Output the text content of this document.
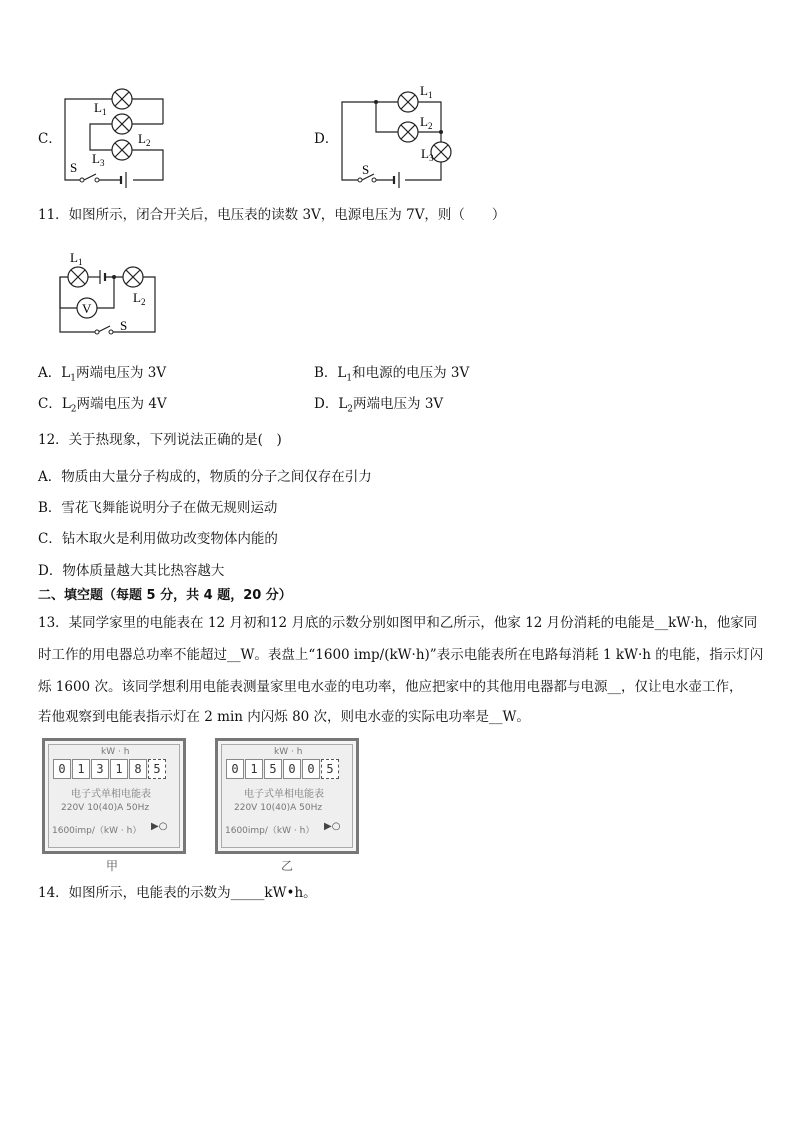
C．
$L_1$
$L_2$
$L_3$
S
D．
$L_1$
$L_2$
$L_3$
S
11．如图所示，闭合开关后，电压表的读数 3V，电源电压为 7V，则（　　）
V
$L_1$
$L_2$
S
A．$L_1$两端电压为 3V	B．$L_1$和电源的电压为 3V
C．$L_2$两端电压为 4V	D．$L_2$两端电压为 3V
12．关于热现象，下列说法正确的是(　)
A．物质由大量分子构成的，物质的分子之间仅存在引力
B．雪花飞舞能说明分子在做无规则运动
C．钻木取火是利用做功改变物体内能的
D．物体质量越大其比热容越大
二、填空题（每题 5 分，共 4 题，20 分）
13．某同学家里的电能表在 12 月初和12 月底的示数分别如图甲和乙所示，他家 12 月份消耗的电能是__kW·h，他家同
时工作的用电器总功率不能超过__W。表盘上“1600 imp/(kW·h)”表示电能表所在电路每消耗 1 kW·h 的电能，指示灯闪
烁 1600 次。该同学想利用电能表测量家里电水壶的电功率，他应把家中的其他用电器都与电源__，仅让电水壶工作，
若他观察到电能表指示灯在 2 min 内闪烁 80 次，则电水壶的实际电功率是__W。
kW · h
0 1 3 1 8 5
电子式单相电能表
220V 10(40)A 50Hz
1600imp/（kW · h） ▶○
甲
kW · h
0 1 5 0 0 5
电子式单相电能表
220V 10(40)A 50Hz
1600imp/（kW · h） ▶○
乙
14．如图所示，电能表的示数为_____kW•h。
